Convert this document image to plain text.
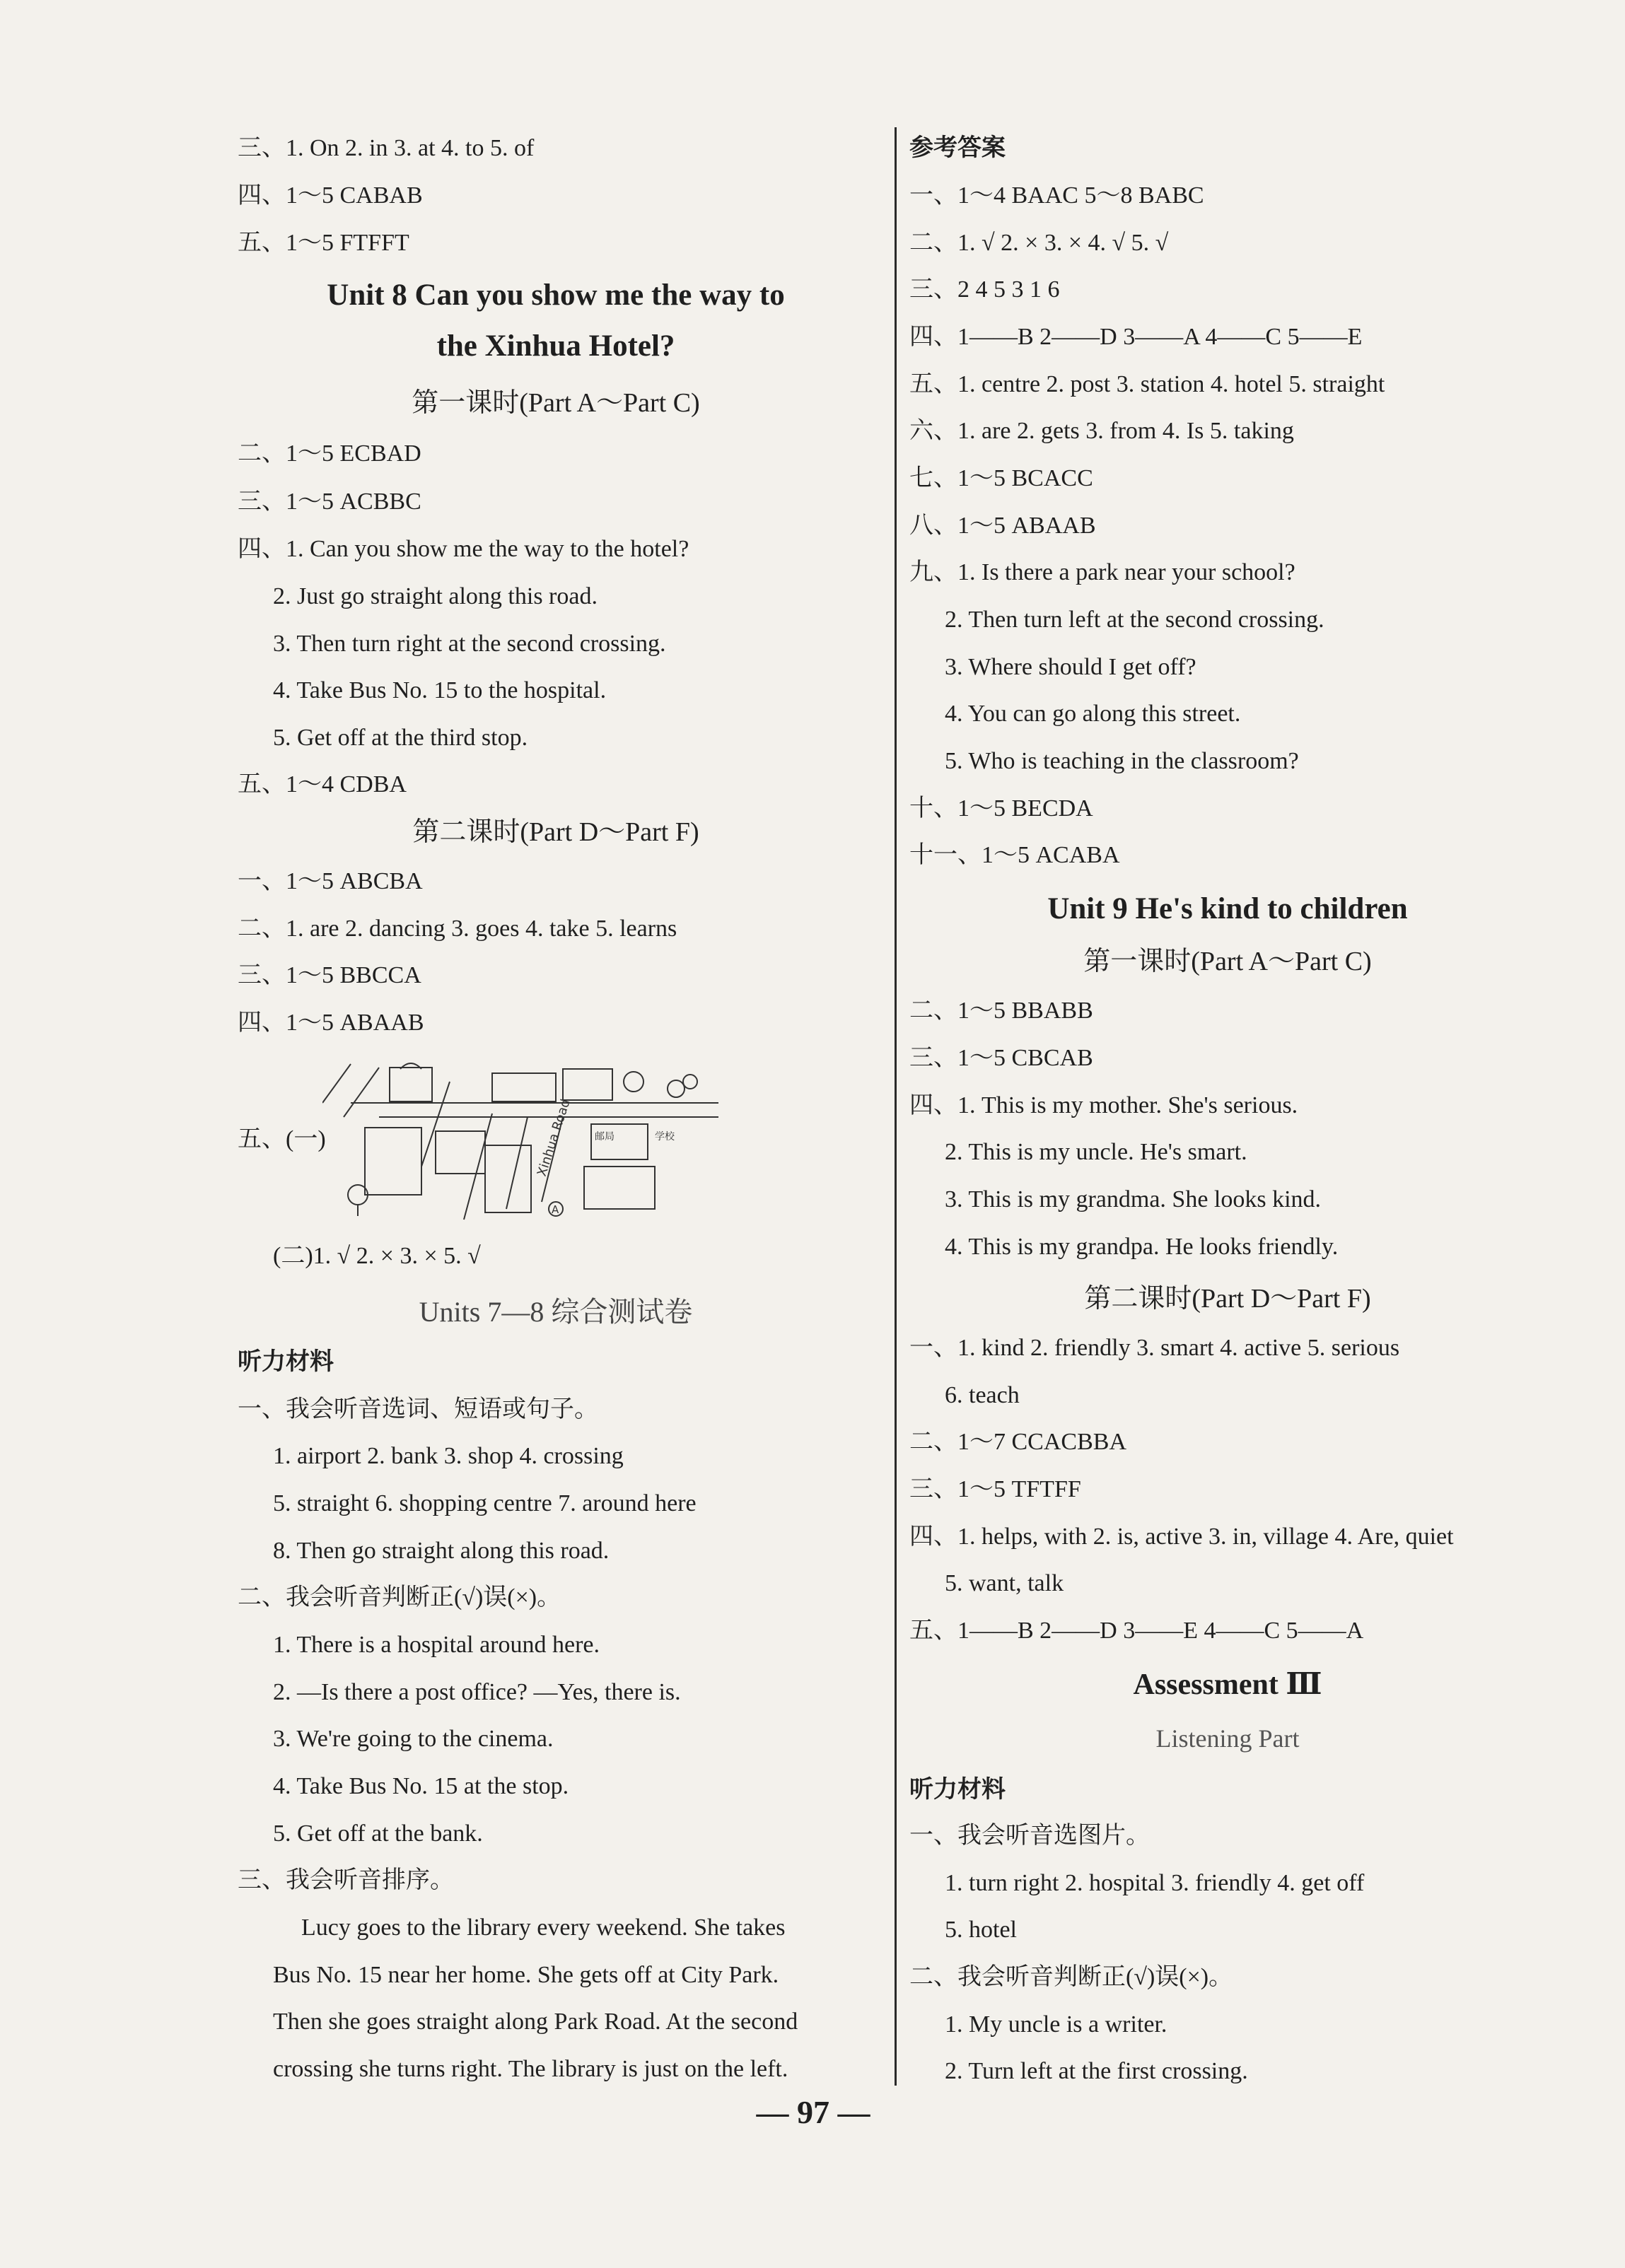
三、1. On 2. in 3. at 4. to 5. of
四、1～5 CABAB
五、1～5 FTFFT
Unit 8 Can you show me the way to
the Xinhua Hotel?
第一课时(Part A～Part C)
二、1～5 ECBAD
三、1～5 ACBBC
四、1. Can you show me the way to the hotel?
2. Just go straight along this road.
3. Then turn right at the second crossing.
4. Take Bus No. 15 to the hospital.
5. Get off at the third stop.
五、1～4 CDBA
第二课时(Part D～Part F)
一、1～5 ABCBA
二、1. are 2. dancing 3. goes 4. take 5. learns
三、1～5 BBCCA
四、1～5 ABAAB
五、(一)	邮局	学校
Xinhua Road
A
(二)1. √ 2. × 3. × 5. √
Units 7—8 综合测试卷
听力材料
一、我会听音选词、短语或句子。
1. airport 2. bank 3. shop 4. crossing
5. straight 6. shopping centre 7. around here
8. Then go straight along this road.
二、我会听音判断正(√)误(×)。
1. There is a hospital around here.
2. —Is there a post office? —Yes, there is.
3. We're going to the cinema.
4. Take Bus No. 15 at the stop.
5. Get off at the bank.
三、我会听音排序。
Lucy goes to the library every weekend. She takes
Bus No. 15 near her home. She gets off at City Park.
Then she goes straight along Park Road. At the second
crossing she turns right. The library is just on the left.
参考答案
一、1～4 BAAC 5～8 BABC
二、1. √ 2. × 3. × 4. √ 5. √
三、2 4 5 3 1 6
四、1——B 2——D 3——A 4——C 5——E
五、1. centre 2. post 3. station 4. hotel 5. straight
六、1. are 2. gets 3. from 4. Is 5. taking
七、1～5 BCACC
八、1～5 ABAAB
九、1. Is there a park near your school?
2. Then turn left at the second crossing.
3. Where should I get off?
4. You can go along this street.
5. Who is teaching in the classroom?
十、1～5 BECDA
十一、1～5 ACABA
Unit 9 He's kind to children
第一课时(Part A～Part C)
二、1～5 BBABB
三、1～5 CBCAB
四、1. This is my mother. She's serious.
2. This is my uncle. He's smart.
3. This is my grandma. She looks kind.
4. This is my grandpa. He looks friendly.
第二课时(Part D～Part F)
一、1. kind 2. friendly 3. smart 4. active 5. serious
6. teach
二、1～7 CCACBBA
三、1～5 TFTFF
四、1. helps, with 2. is, active 3. in, village 4. Are, quiet
5. want, talk
五、1——B 2——D 3——E 4——C 5——A
Assessment Ⅲ
Listening Part
听力材料
一、我会听音选图片。
1. turn right 2. hospital 3. friendly 4. get off
5. hotel
二、我会听音判断正(√)误(×)。
1. My uncle is a writer.
2. Turn left at the first crossing.
— 97 —
